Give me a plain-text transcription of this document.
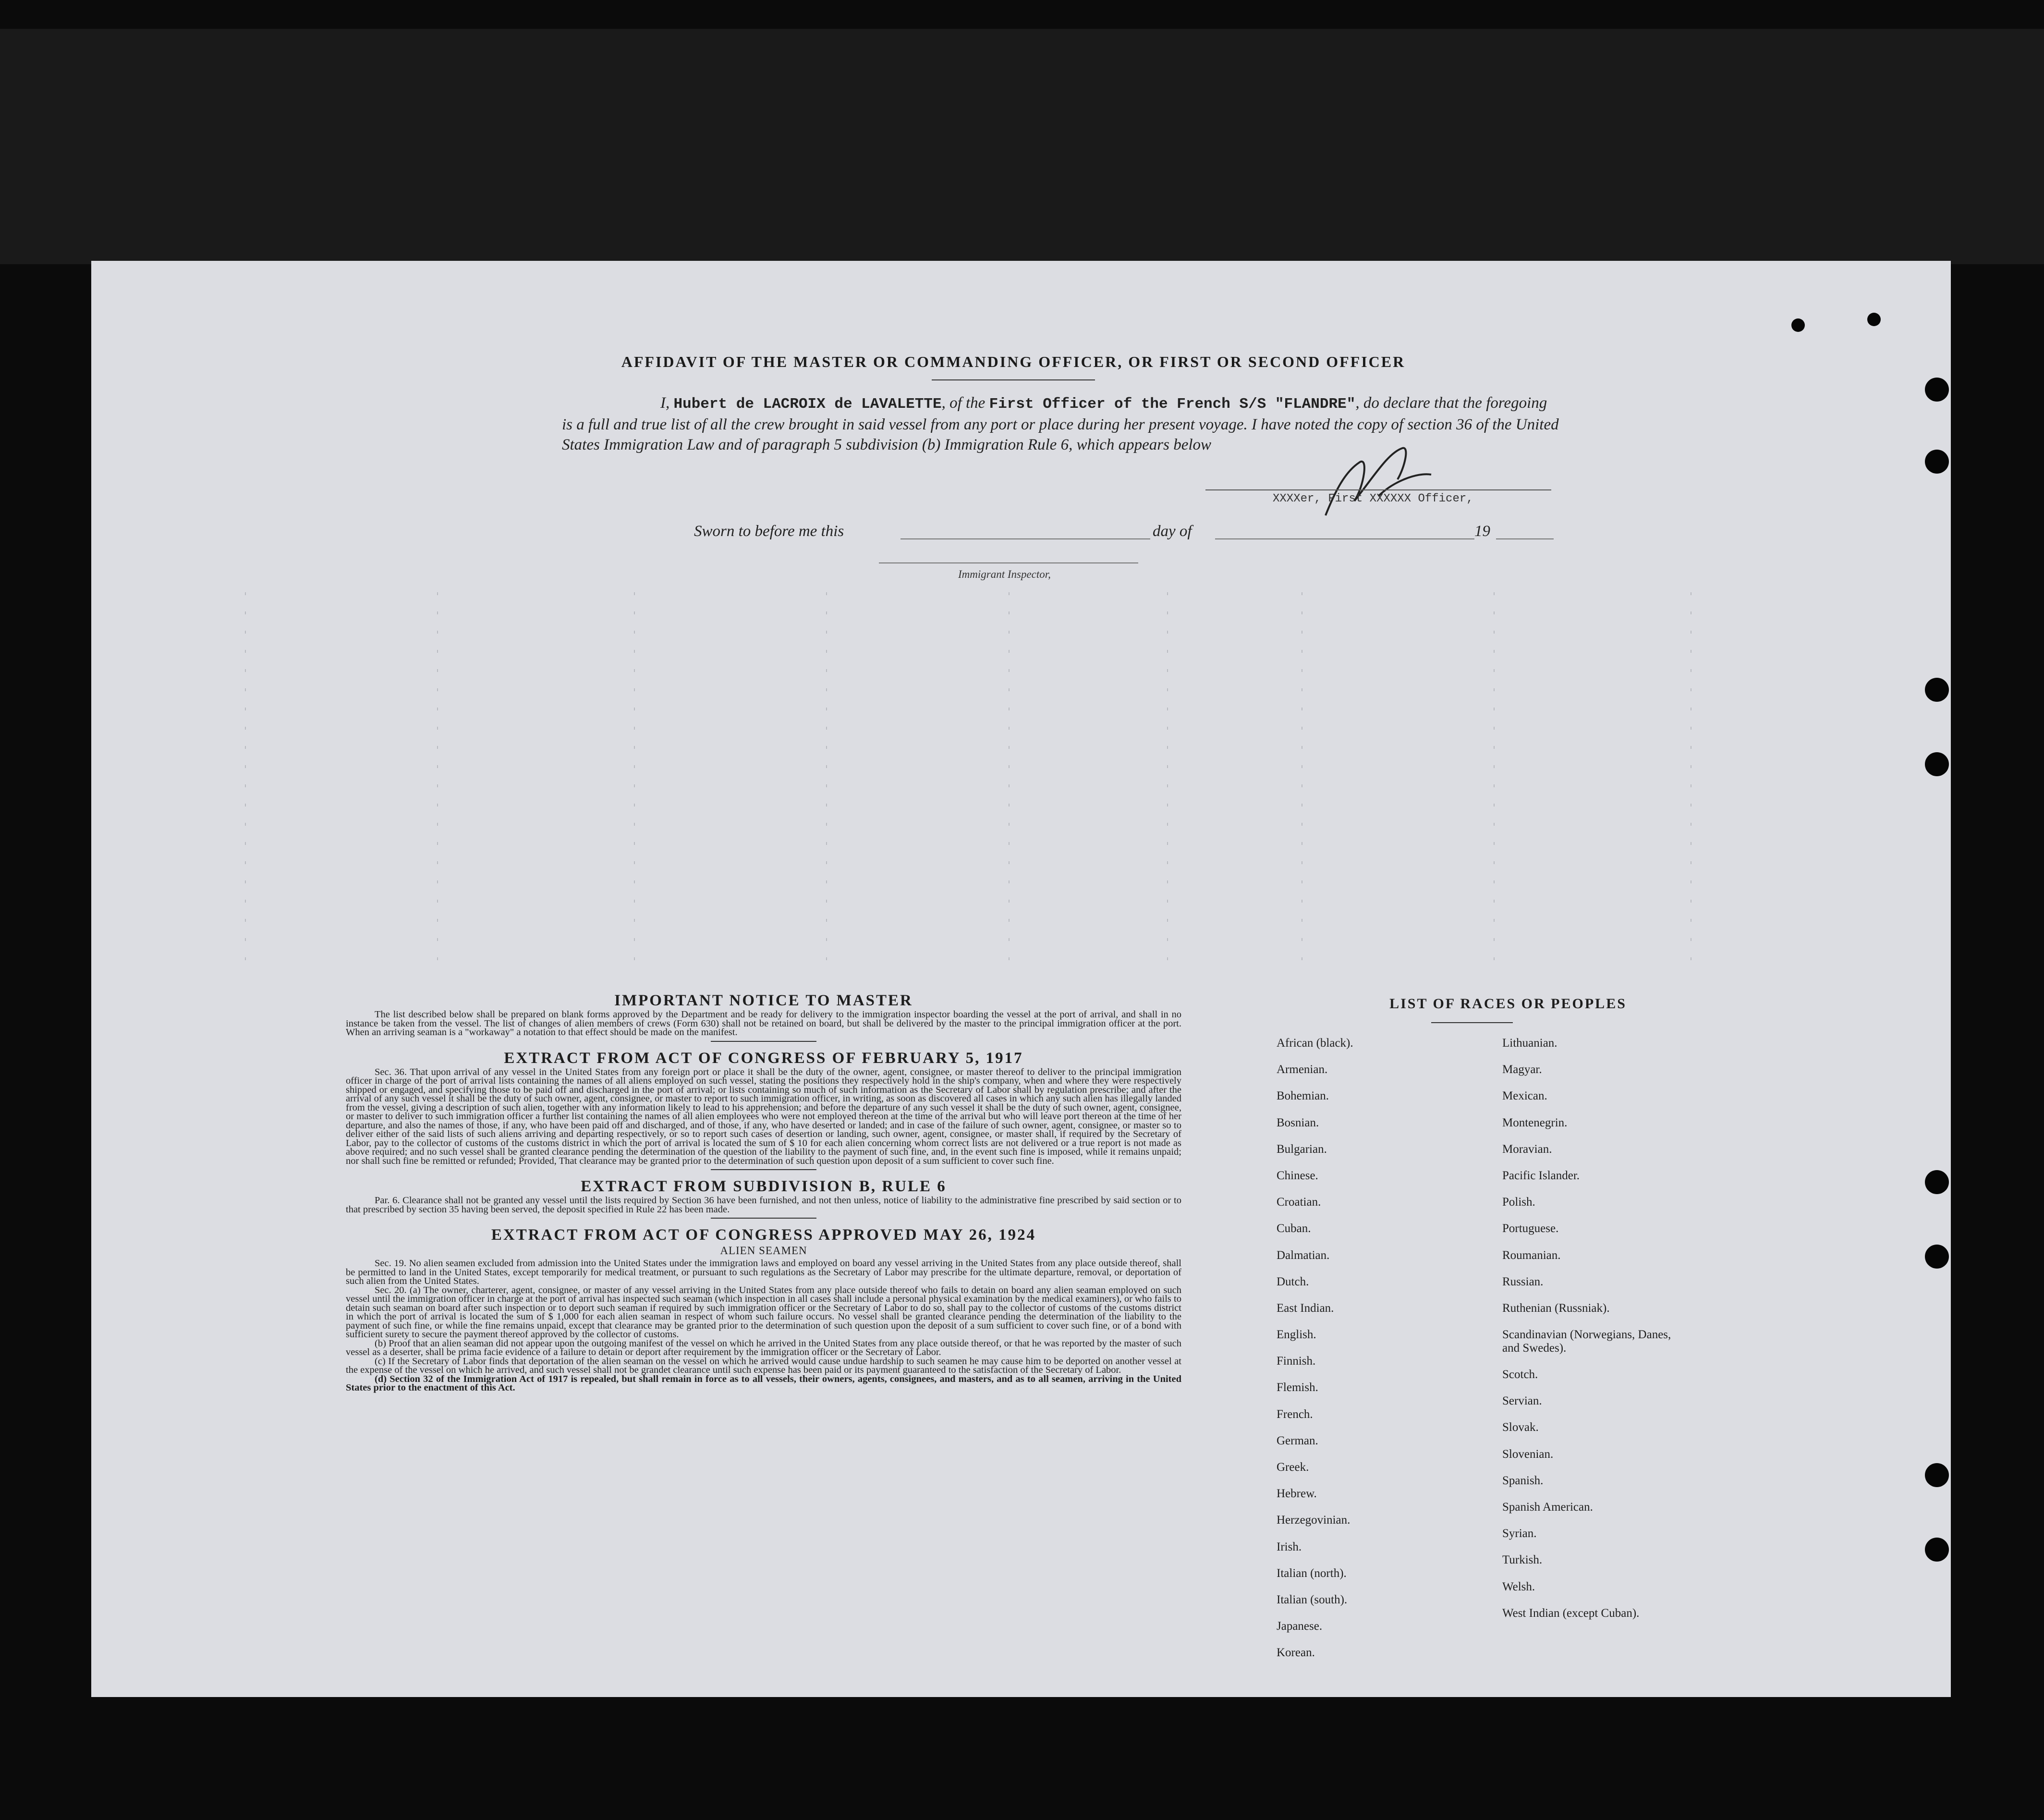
AFFIDAVIT OF THE MASTER OR COMMANDING OFFICER, OR FIRST OR SECOND OFFICER
I, Hubert de LACROIX de LAVALETTE, of the First Officer of the French S/S "FLANDRE", do declare that the foregoing is a full and true list of all the crew brought in said vessel from any port or place during her present voyage. I have noted the copy of section 36 of the United States Immigration Law and of paragraph 5 subdivision (b) Immigration Rule 6, which appears below
XXXXer, First XXXXXX Officer,
Sworn to before me this	day of	19
Immigrant Inspector,

IMPORTANT NOTICE TO MASTER

The list described below shall be prepared on blank forms approved by the Department and be ready for delivery to the immigration inspector boarding the vessel at the port of arrival, and shall in no instance be taken from the vessel. The list of changes of alien members of crews (Form 630) shall not be retained on board, but shall be delivered by the master to the principal immigration officer at the port. When an arriving seaman is a "workaway" a notation to that effect should be made on the manifest.

EXTRACT FROM ACT OF CONGRESS OF FEBRUARY 5, 1917

Sec. 36. That upon arrival of any vessel in the United States from any foreign port or place it shall be the duty of the owner, agent, consignee, or master thereof to deliver to the principal immigration officer in charge of the port of arrival lists containing the names of all aliens employed on such vessel, stating the positions they respectively hold in the ship's company, when and where they were respectively shipped or engaged, and specifying those to be paid off and discharged in the port of arrival; or lists containing so much of such information as the Secretary of Labor shall by regulation prescribe; and after the arrival of any such vessel it shall be the duty of such owner, agent, consignee, or master to report to such immigration officer, in writing, as soon as discovered all cases in which any such alien has illegally landed from the vessel, giving a description of such alien, together with any information likely to lead to his apprehension; and before the departure of any such vessel it shall be the duty of such owner, agent, consignee, or master to deliver to such immigration officer a further list containing the names of all alien employees who were not employed thereon at the time of the arrival but who will leave port thereon at the time of her departure, and also the names of those, if any, who have been paid off and discharged, and of those, if any, who have deserted or landed; and in case of the failure of such owner, agent, consignee, or master so to deliver either of the said lists of such aliens arriving and departing respectively, or so to report such cases of desertion or landing, such owner, agent, consignee, or master shall, if required by the Secretary of Labor, pay to the collector of customs of the customs district in which the port of arrival is located the sum of $ 10 for each alien concerning whom correct lists are not delivered or a true report is not made as above required; and no such vessel shall be granted clearance pending the determination of the question of the liability to the payment of such fine, and, in the event such fine is imposed, while it remains unpaid; nor shall such fine be remitted or refunded; Provided, That clearance may be granted prior to the determination of such question upon deposit of a sum sufficient to cover such fine.

EXTRACT FROM SUBDIVISION B, RULE 6

Par. 6. Clearance shall not be granted any vessel until the lists required by Section 36 have been furnished, and not then unless, notice of liability to the administrative fine prescribed by said section or to that prescribed by section 35 having been served, the deposit specified in Rule 22 has been made.

EXTRACT FROM ACT OF CONGRESS APPROVED MAY 26, 1924

ALIEN SEAMEN

Sec. 19. No alien seamen excluded from admission into the United States under the immigration laws and employed on board any vessel arriving in the United States from any place outside thereof, shall be permitted to land in the United States, except temporarily for medical treatment, or pursuant to such regulations as the Secretary of Labor may prescribe for the ultimate departure, removal, or deportation of such alien from the United States.

Sec. 20. (a) The owner, charterer, agent, consignee, or master of any vessel arriving in the United States from any place outside thereof who fails to detain on board any alien seaman employed on such vessel until the immigration officer in charge at the port of arrival has inspected such seaman (which inspection in all cases shall include a personal physical examination by the medical examiners), or who fails to detain such seaman on board after such inspection or to deport such seaman if required by such immigration officer or the Secretary of Labor to do so, shall pay to the collector of customs of the customs district in which the port of arrival is located the sum of $ 1,000 for each alien seaman in respect of whom such failure occurs. No vessel shall be granted clearance pending the determination of the liability to the payment of such fine, or while the fine remains unpaid, except that clearance may be granted prior to the determination of such question upon the deposit of a sum sufficient to cover such fine, or of a bond with sufficient surety to secure the payment thereof approved by the collector of customs.

(b) Proof that an alien seaman did not appear upon the outgoing manifest of the vessel on which he arrived in the United States from any place outside thereof, or that he was reported by the master of such vessel as a deserter, shall be prima facie evidence of a failure to detain or deport after requirement by the immigration officer or the Secretary of Labor.

(c) If the Secretary of Labor finds that deportation of the alien seaman on the vessel on which he arrived would cause undue hardship to such seamen he may cause him to be deported on another vessel at the expense of the vessel on which he arrived, and such vessel shall not be grandet clearance until such expense has been paid or its payment guaranteed to the satisfaction of the Secretary of Labor.

(d) Section 32 of the Immigration Act of 1917 is repealed, but shall remain in force as to all vessels, their owners, agents, consignees, and masters, and as to all seamen, arriving in the United States prior to the enactment of this Act.

LIST OF RACES OR PEOPLES
African (black).
Armenian.
Bohemian.
Bosnian.
Bulgarian.
Chinese.
Croatian.
Cuban.
Dalmatian.
Dutch.
East Indian.
English.
Finnish.
Flemish.
French.
German.
Greek.
Hebrew.
Herzegovinian.
Irish.
Italian (north).
Italian (south).
Japanese.
Korean.
Lithuanian.
Magyar.
Mexican.
Montenegrin.
Moravian.
Pacific Islander.
Polish.
Portuguese.
Roumanian.
Russian.
Ruthenian (Russniak).
Scandinavian (Norwegians, Danes, and Swedes).
Scotch.
Servian.
Slovak.
Slovenian.
Spanish.
Spanish American.
Syrian.
Turkish.
Welsh.
West Indian (except Cuban).
